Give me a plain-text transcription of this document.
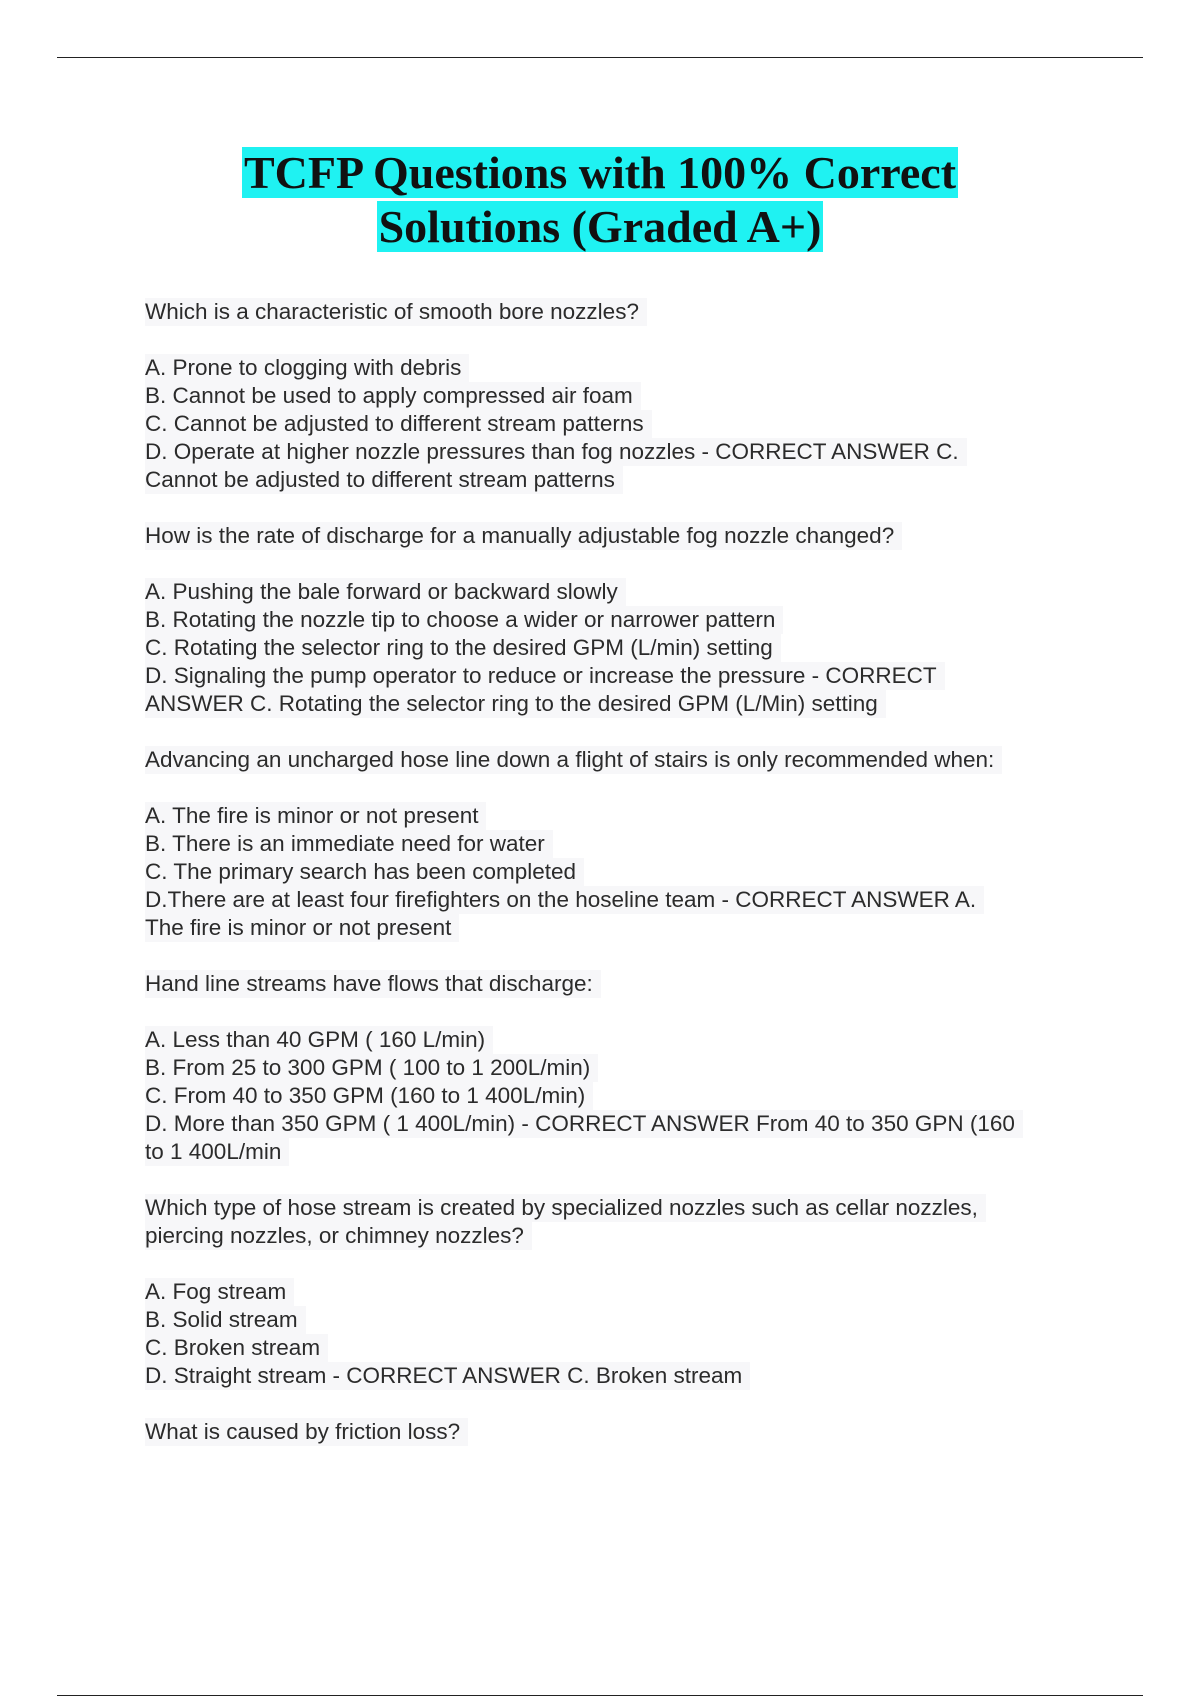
TCFP Questions with 100% Correct
Solutions (Graded A+)
Which is a characteristic of smooth bore nozzles?
A. Prone to clogging with debris
B. Cannot be used to apply compressed air foam
C. Cannot be adjusted to different stream patterns
D. Operate at higher nozzle pressures than fog nozzles - CORRECT ANSWER C.
Cannot be adjusted to different stream patterns
How is the rate of discharge for a manually adjustable fog nozzle changed?
A. Pushing the bale forward or backward slowly
B. Rotating the nozzle tip to choose a wider or narrower pattern
C. Rotating the selector ring to the desired GPM (L/min) setting
D. Signaling the pump operator to reduce or increase the pressure - CORRECT
ANSWER C. Rotating the selector ring to the desired GPM (L/Min) setting
Advancing an uncharged hose line down a flight of stairs is only recommended when:
A. The fire is minor or not present
B. There is an immediate need for water
C. The primary search has been completed
D.There are at least four firefighters on the hoseline team - CORRECT ANSWER A.
The fire is minor or not present
Hand line streams have flows that discharge:
A. Less than 40 GPM ( 160 L/min)
B. From 25 to 300 GPM ( 100 to 1 200L/min)
C. From 40 to 350 GPM (160 to 1 400L/min)
D. More than 350 GPM ( 1 400L/min) - CORRECT ANSWER From 40 to 350 GPN (160
to 1 400L/min
Which type of hose stream is created by specialized nozzles such as cellar nozzles,
piercing nozzles, or chimney nozzles?
A. Fog stream
B. Solid stream
C. Broken stream
D. Straight stream - CORRECT ANSWER C. Broken stream
What is caused by friction loss?
